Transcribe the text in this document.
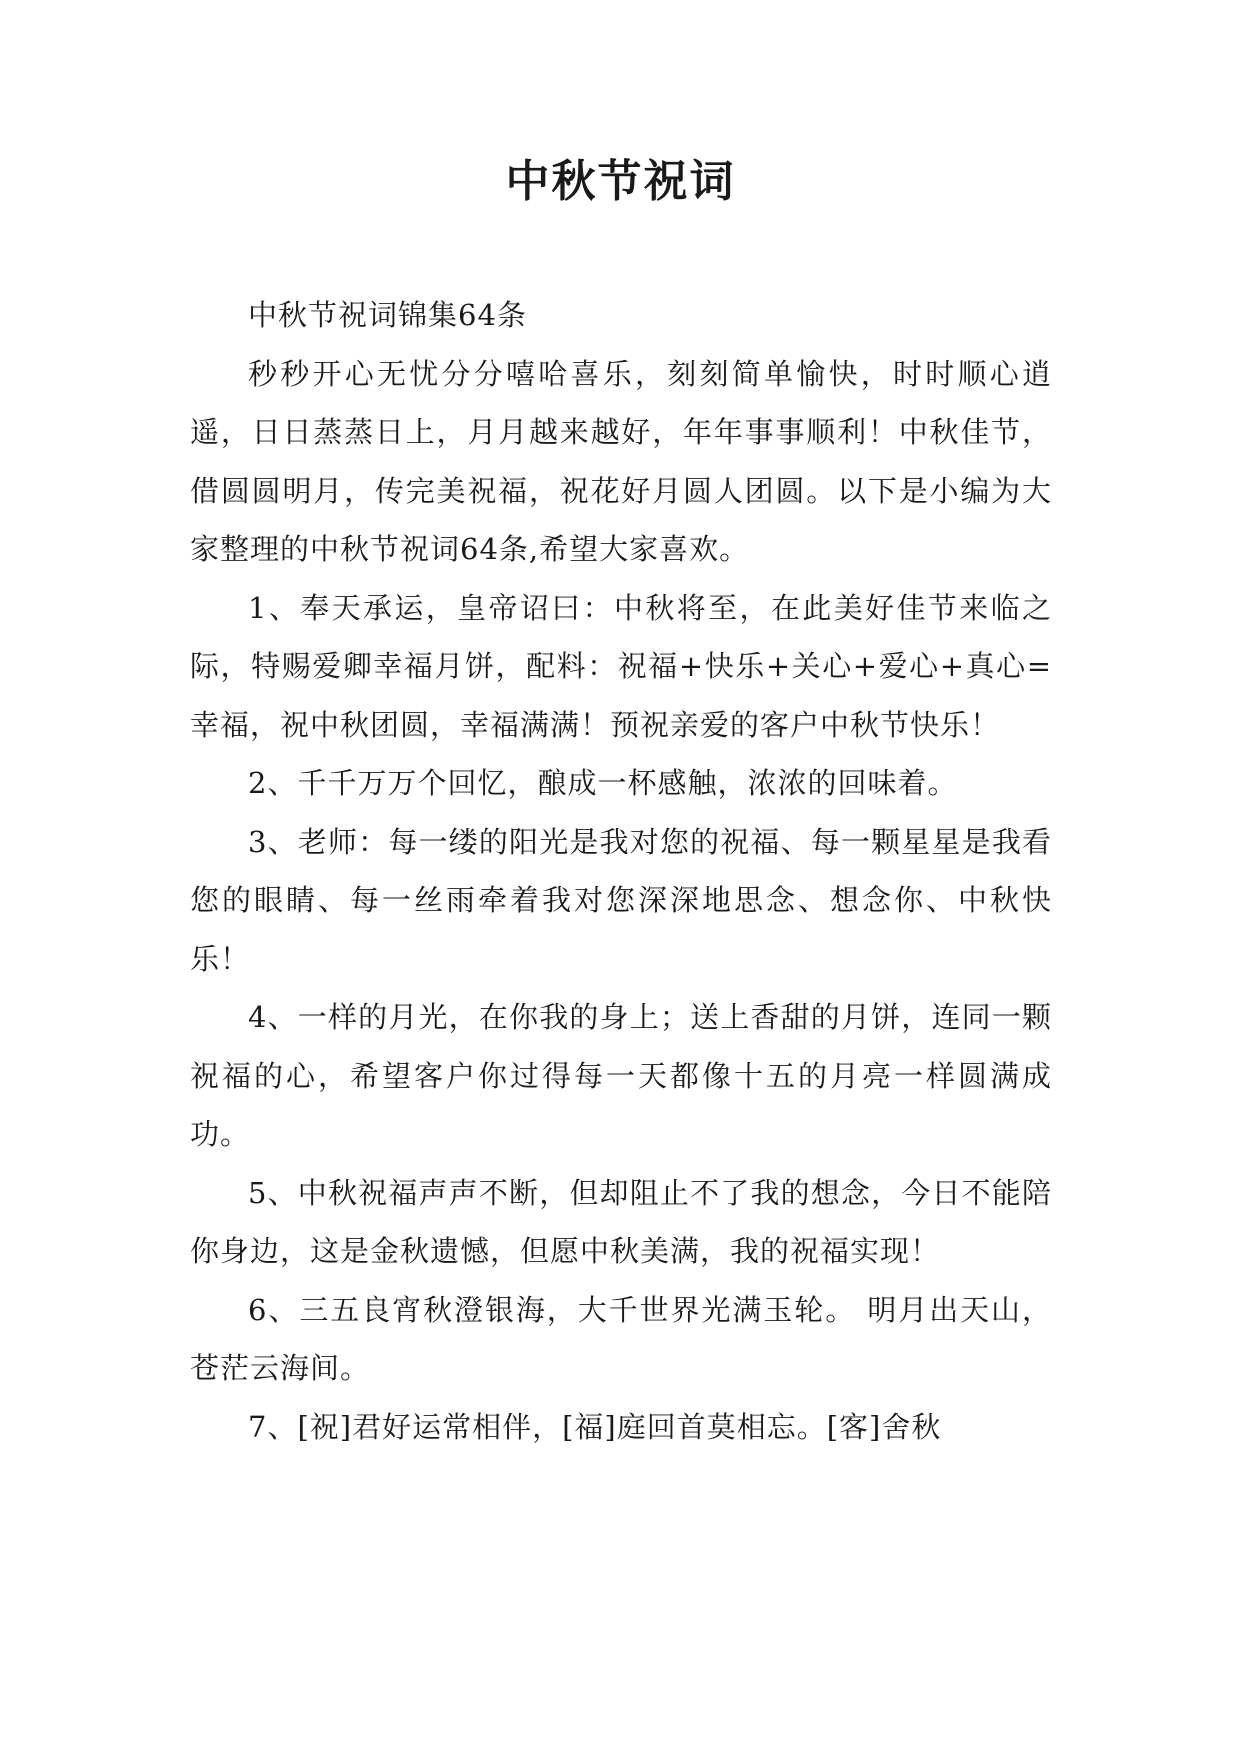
中秋节祝词

中秋节祝词锦集64条

秒秒开心无忧分分嘻哈喜乐，刻刻简单愉快，时时顺心逍遥，日日蒸蒸日上，月月越来越好，年年事事顺利！中秋佳节，借圆圆明月，传完美祝福，祝花好月圆人团圆。以下是小编为大家整理的中秋节祝词64条,希望大家喜欢。

1、奉天承运，皇帝诏曰：中秋将至，在此美好佳节来临之际，特赐爱卿幸福月饼，配料：祝福+快乐+关心+爱心+真心=幸福，祝中秋团圆，幸福满满！预祝亲爱的客户中秋节快乐！

2、千千万万个回忆，酿成一杯感触，浓浓的回味着。

3、老师：每一缕的阳光是我对您的祝福、每一颗星星是我看您的眼睛、每一丝雨牵着我对您深深地思念、想念你、中秋快乐！

4、一样的月光，在你我的身上；送上香甜的月饼，连同一颗祝福的心，希望客户你过得每一天都像十五的月亮一样圆满成功。

5、中秋祝福声声不断，但却阻止不了我的想念，今日不能陪你身边，这是金秋遗憾，但愿中秋美满，我的祝福实现！

6、三五良宵秋澄银海，大千世界光满玉轮。 明月出天山，苍茫云海间。

7、[祝]君好运常相伴，[福]庭回首莫相忘。[客]舍秋
